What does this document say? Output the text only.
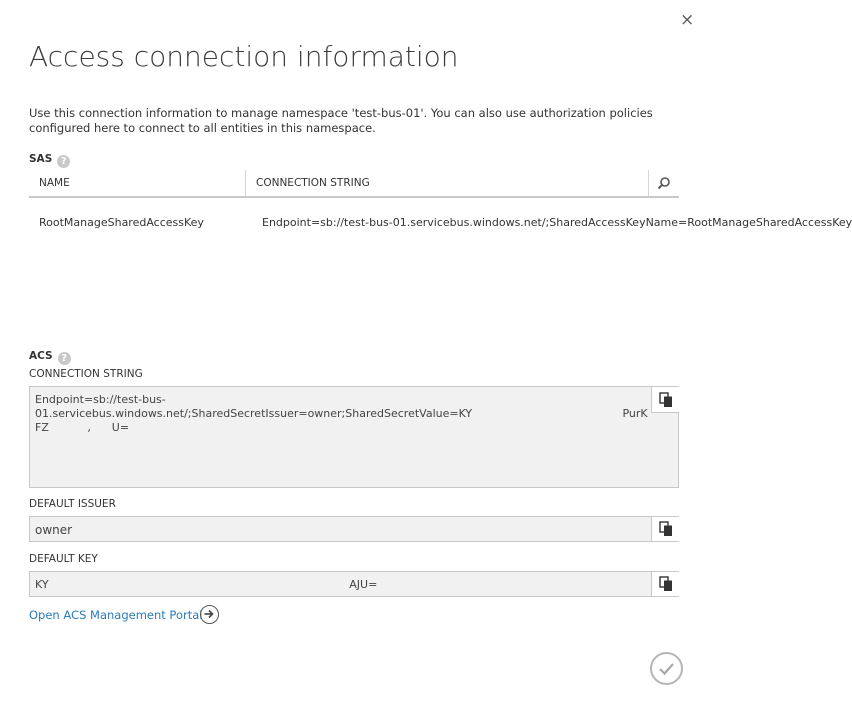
×
Access connection information
Use this connection information to manage namespace 'test-bus-01'. You can also use authorization policies configured here to connect to all entities in this namespace.
SAS ?
NAME	CONNECTION STRING
RootManageSharedAccessKey	Endpoint=sb://test-bus-01.servicebus.windows.net/;SharedAccessKeyName=RootManageSharedAccessKey
ACS ?
CONNECTION STRING
Endpoint=sb://test-bus-
01.servicebus.windows.net/;SharedSecretIssuer=owner;SharedSecretValue=KY                                           PurK
FZ           ,      U=
DEFAULT ISSUER
owner
DEFAULT KEY
KY                                                                                      AJU=
Open ACS Management Portal
